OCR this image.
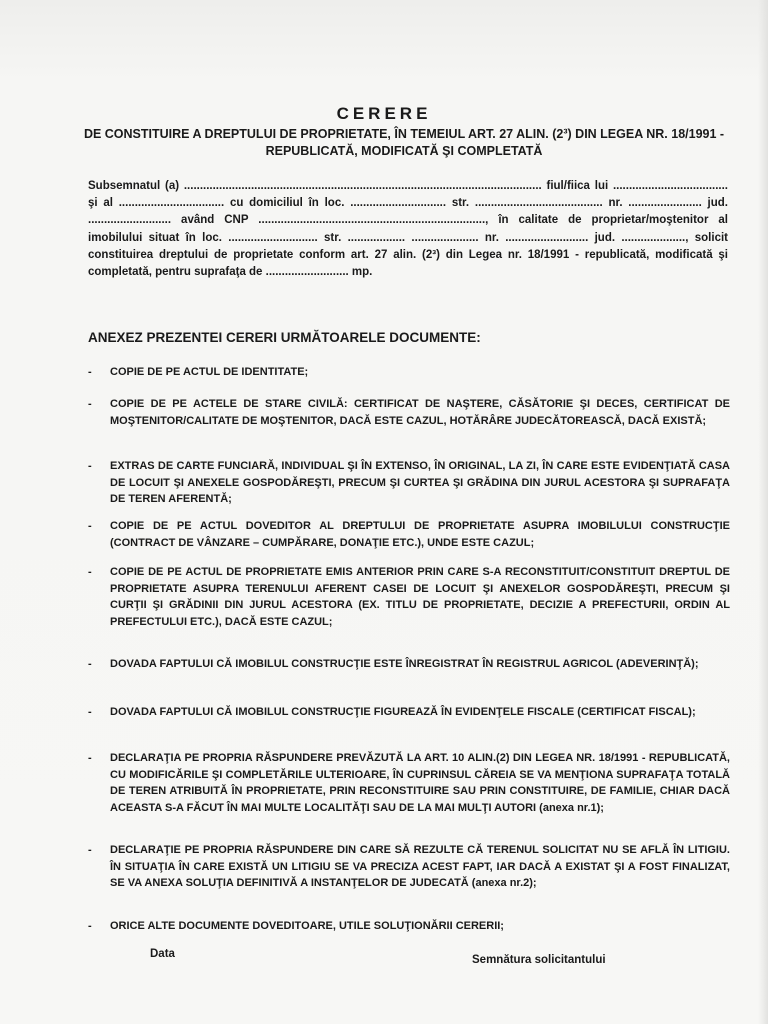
CERERE
DE CONSTITUIRE A DREPTULUI DE PROPRIETATE, ÎN TEMEIUL ART. 27 ALIN. (2³) DIN LEGEA NR. 18/1991 - REPUBLICATĂ, MODIFICATĂ ŞI COMPLETATĂ
Subsemnatul (a) ................................................................................................................ fiul/fiica lui .................................... şi al ................................. cu domiciliul în loc. .............................. str. ........................................ nr. ....................... jud. .......................... având CNP ......................................................................., în calitate de proprietar/moştenitor al imobilului situat în loc. ............................ str. .................. ..................... nr. .......................... jud. ...................., solicit constituirea dreptului de proprietate conform art. 27 alin. (2³) din Legea nr. 18/1991 - republicată, modificată şi completată, pentru suprafaţa de .......................... mp.
ANEXEZ PREZENTEI CERERI URMĂTOARELE DOCUMENTE:
- COPIE DE PE ACTUL DE IDENTITATE;
- COPIE DE PE ACTELE DE STARE CIVILĂ: CERTIFICAT DE NAŞTERE, CĂSĂTORIE ŞI DECES, CERTIFICAT DE MOŞTENITOR/CALITATE DE MOŞTENITOR, DACĂ ESTE CAZUL, HOTĂRÂRE JUDECĂTOREASCĂ, DACĂ EXISTĂ;
- EXTRAS DE CARTE FUNCIARĂ, INDIVIDUAL ŞI ÎN EXTENSO, ÎN ORIGINAL, LA ZI, ÎN CARE ESTE EVIDENŢIATĂ CASA DE LOCUIT ŞI ANEXELE GOSPODĂREŞTI, PRECUM ŞI CURTEA ŞI GRĂDINA DIN JURUL ACESTORA ŞI SUPRAFAŢA DE TEREN AFERENTĂ;
- COPIE DE PE ACTUL DOVEDITOR AL DREPTULUI DE PROPRIETATE ASUPRA IMOBILULUI CONSTRUCŢIE (CONTRACT DE VÂNZARE – CUMPĂRARE, DONAŢIE ETC.), UNDE ESTE CAZUL;
- COPIE DE PE ACTUL DE PROPRIETATE EMIS ANTERIOR PRIN CARE S-A RECONSTITUIT/CONSTITUIT DREPTUL DE PROPRIETATE ASUPRA TERENULUI AFERENT CASEI DE LOCUIT ŞI ANEXELOR GOSPODĂREŞTI, PRECUM ŞI CURŢII ŞI GRĂDINII DIN JURUL ACESTORA (EX. TITLU DE PROPRIETATE, DECIZIE A PREFECTURII, ORDIN AL PREFECTULUI ETC.), DACĂ ESTE CAZUL;
- DOVADA FAPTULUI CĂ IMOBILUL CONSTRUCŢIE ESTE ÎNREGISTRAT ÎN REGISTRUL AGRICOL (ADEVERINŢĂ);
- DOVADA FAPTULUI CĂ IMOBILUL CONSTRUCŢIE FIGUREAZĂ ÎN EVIDENŢELE FISCALE (CERTIFICAT FISCAL);
- DECLARAŢIA PE PROPRIA RĂSPUNDERE PREVĂZUTĂ LA ART. 10 ALIN.(2) DIN LEGEA NR. 18/1991 - REPUBLICATĂ, CU MODIFICĂRILE ŞI COMPLETĂRILE ULTERIOARE, ÎN CUPRINSUL CĂREIA SE VA MENŢIONA SUPRAFAŢA TOTALĂ DE TEREN ATRIBUITĂ ÎN PROPRIETATE, PRIN RECONSTITUIRE SAU PRIN CONSTITUIRE, DE FAMILIE, CHIAR DACĂ ACEASTA S-A FĂCUT ÎN MAI MULTE LOCALITĂŢI SAU DE LA MAI MULŢI AUTORI (anexa nr.1);
- DECLARAŢIE PE PROPRIA RĂSPUNDERE DIN CARE SĂ REZULTE CĂ TERENUL SOLICITAT NU SE AFLĂ ÎN LITIGIU. ÎN SITUAŢIA ÎN CARE EXISTĂ UN LITIGIU SE VA PRECIZA ACEST FAPT, IAR DACĂ A EXISTAT ŞI A FOST FINALIZAT, SE VA ANEXA SOLUŢIA DEFINITIVĂ A INSTANŢELOR DE JUDECATĂ (anexa nr.2);
- ORICE ALTE DOCUMENTE DOVEDITOARE, UTILE SOLUŢIONĂRII CERERII;
Data	Semnătura solicitantului
